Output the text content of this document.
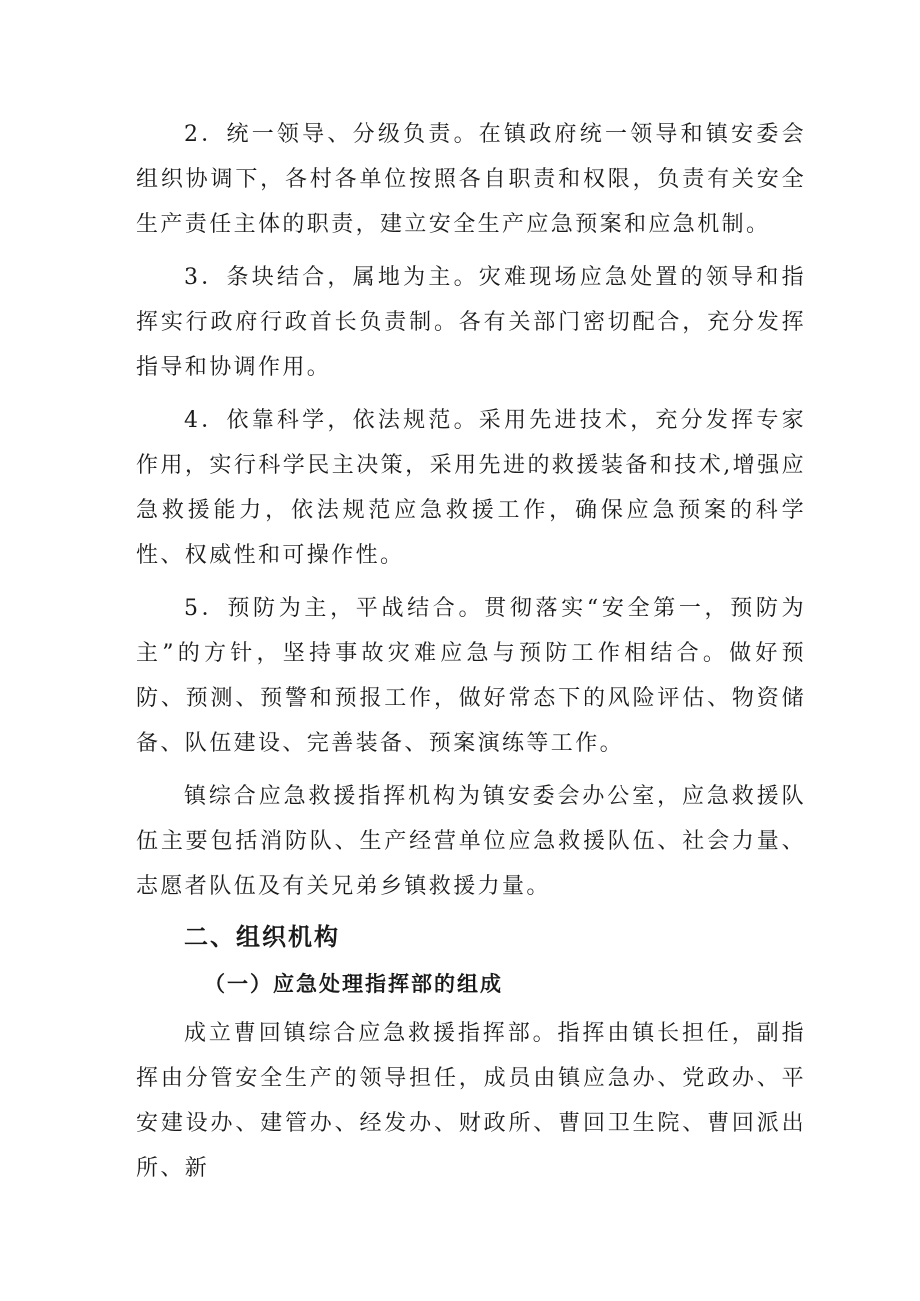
2．统一领导、分级负责。在镇政府统一领导和镇安委会组织协调下，各村各单位按照各自职责和权限，负责有关安全生产责任主体的职责，建立安全生产应急预案和应急机制。

3．条块结合，属地为主。灾难现场应急处置的领导和指挥实行政府行政首长负责制。各有关部门密切配合，充分发挥指导和协调作用。

4．依靠科学，依法规范。采用先进技术，充分发挥专家作用，实行科学民主决策，采用先进的救援装备和技术,增强应急救援能力，依法规范应急救援工作，确保应急预案的科学性、权威性和可操作性。

5．预防为主，平战结合。贯彻落实“安全第一，预防为主”的方针，坚持事故灾难应急与预防工作相结合。做好预防、预测、预警和预报工作，做好常态下的风险评估、物资储备、队伍建设、完善装备、预案演练等工作。

镇综合应急救援指挥机构为镇安委会办公室，应急救援队伍主要包括消防队、生产经营单位应急救援队伍、社会力量、志愿者队伍及有关兄弟乡镇救援力量。

二、组织机构
（一）应急处理指挥部的组成

成立曹回镇综合应急救援指挥部。指挥由镇长担任，副指挥由分管安全生产的领导担任，成员由镇应急办、党政办、平安建设办、建管办、经发办、财政所、曹回卫生院、曹回派出所、新
